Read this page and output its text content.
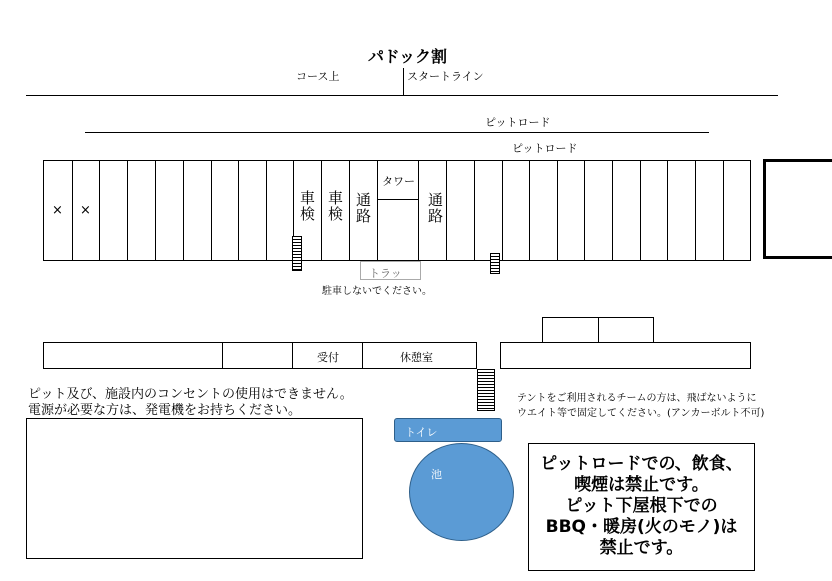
パドック割
コース上	スタートライン
ピットロード
ピットロード
× ×	車検 車検 通路
タワー
通路
トラッ
駐車しないでください。
受付	休憩室
ピット及び、施設内のコンセントの使用はできません。
電源が必要な方は、発電機をお持ちください。
テントをご利用されるチームの方は、飛ばないように
ウエイト等で固定してください。(アンカーボルト不可)
トイレ
池
ピットロードでの、飲食、
喫煙は禁止です。
ピット下屋根下での
BBQ・暖房(火のモノ)は
禁止です。
